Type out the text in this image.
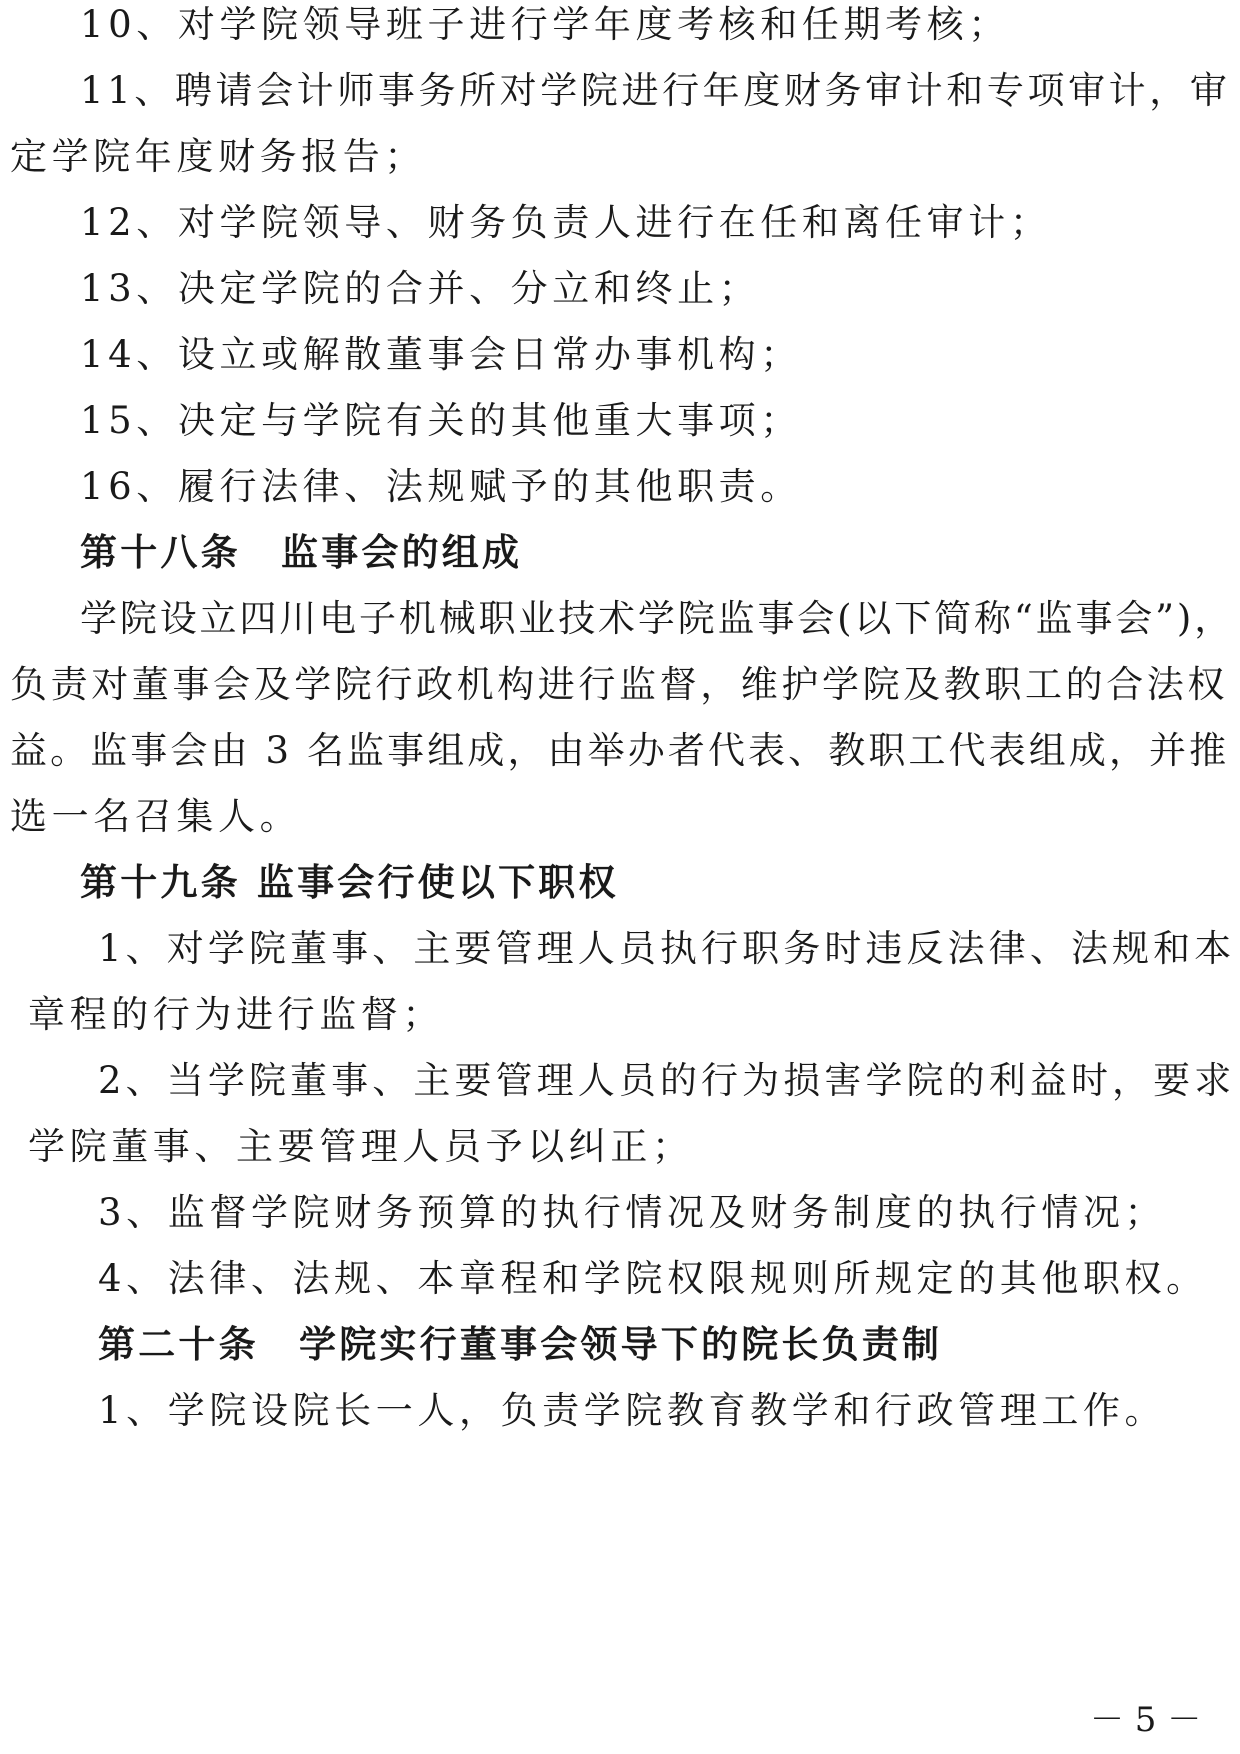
10、对学院领导班子进行学年度考核和任期考核；
11、聘请会计师事务所对学院进行年度财务审计和专项审计，审
定学院年度财务报告；
12、对学院领导、财务负责人进行在任和离任审计；
13、决定学院的合并、分立和终止；
14、设立或解散董事会日常办事机构；
15、决定与学院有关的其他重大事项；
16、履行法律、法规赋予的其他职责。
第十八条　监事会的组成
学院设立四川电子机械职业技术学院监事会(以下简称“监事会”)，
负责对董事会及学院行政机构进行监督，维护学院及教职工的合法权
益。监事会由 3 名监事组成，由举办者代表、教职工代表组成，并推
选一名召集人。
第十九条 监事会行使以下职权
1、对学院董事、主要管理人员执行职务时违反法律、法规和本
章程的行为进行监督；
2、当学院董事、主要管理人员的行为损害学院的利益时，要求
学院董事、主要管理人员予以纠正；
3、监督学院财务预算的执行情况及财务制度的执行情况；
4、法律、法规、本章程和学院权限规则所规定的其他职权。
第二十条　学院实行董事会领导下的院长负责制
1、学院设院长一人，负责学院教育教学和行政管理工作。
－ 5 －
